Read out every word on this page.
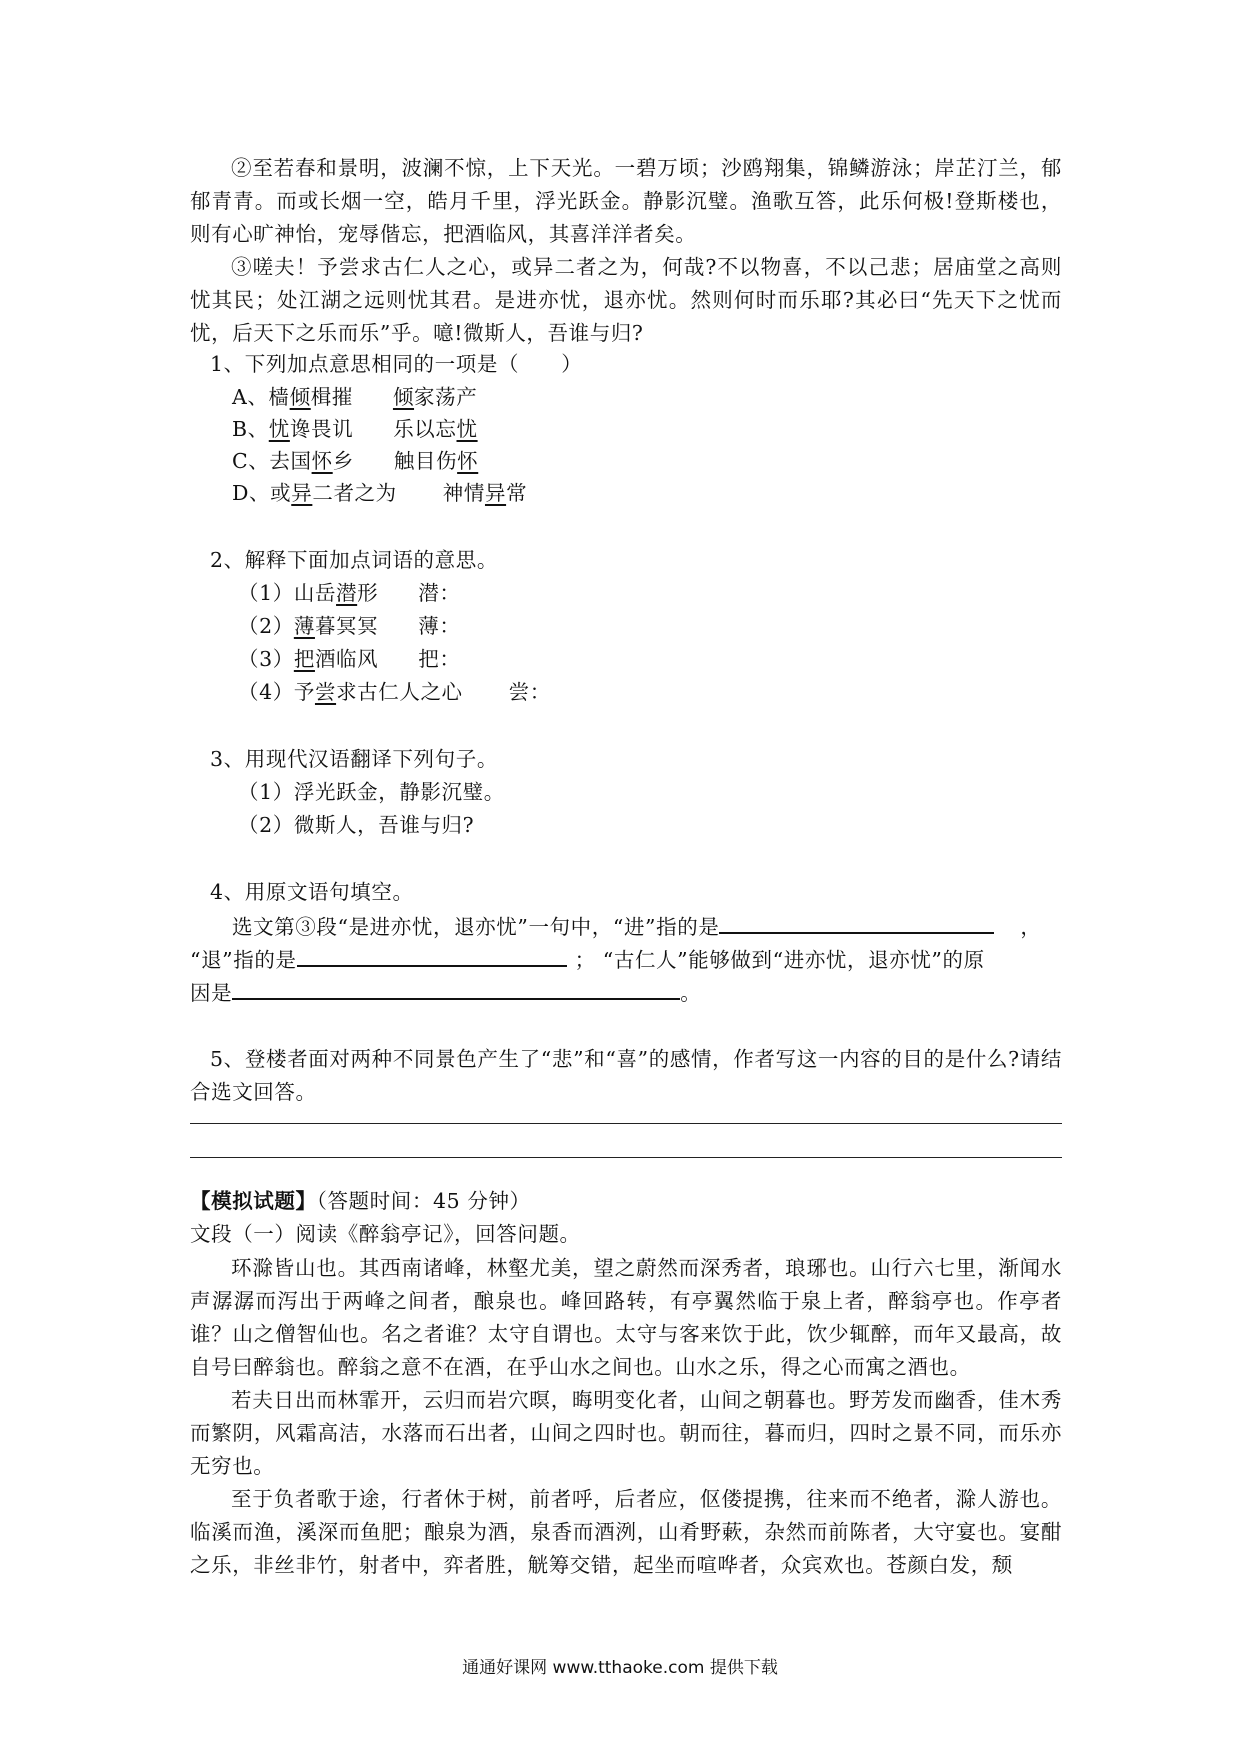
②至若春和景明，波澜不惊，上下天光。一碧万顷；沙鸥翔集，锦鳞游泳；岸芷汀兰，郁郁青青。而或长烟一空，皓月千里，浮光跃金。静影沉璧。渔歌互答，此乐何极!登斯楼也，则有心旷神怡，宠辱偕忘，把酒临风，其喜洋洋者矣。

③嗟夫！予尝求古仁人之心，或异二者之为，何哉?不以物喜，不以己悲；居庙堂之高则忧其民；处江湖之远则忧其君。是进亦忧，退亦忧。然则何时而乐耶?其必曰“先天下之忧而忧，后天下之乐而乐”乎。噫!微斯人，吾谁与归?

1、下列加点意思相同的一项是（　　）
A、樯倾楫摧 倾家荡产
B、忧谗畏讥 乐以忘忧
C、去国怀乡 触目伤怀
D、或异二者之为 神情异常
2、解释下面加点词语的意思。
（1）山岳潜形 潜：
（2）薄暮冥冥 薄：
（3）把酒临风 把：
（4）予尝求古仁人之心 尝：
3、用现代汉语翻译下列句子。
（1）浮光跃金，静影沉璧。
（2）微斯人，吾谁与归?
4、用原文语句填空。
选文第③段“是进亦忧，退亦忧”一句中，“进”指的是	，
“退”指的是	； “古仁人”能够做到“进亦忧，退亦忧”的原
因是	。

5、登楼者面对两种不同景色产生了“悲”和“喜”的感情，作者写这一内容的目的是什么?请结合选文回答。

【模拟试题】（答题时间：45 分钟）
文段（一）阅读《醉翁亭记》，回答问题。

环滁皆山也。其西南诸峰，林壑尤美，望之蔚然而深秀者，琅琊也。山行六七里，渐闻水声潺潺而泻出于两峰之间者，酿泉也。峰回路转，有亭翼然临于泉上者，醉翁亭也。作亭者谁？山之僧智仙也。名之者谁？太守自谓也。太守与客来饮于此，饮少辄醉，而年又最高，故自号曰醉翁也。醉翁之意不在酒，在乎山水之间也。山水之乐，得之心而寓之酒也。

若夫日出而林霏开，云归而岩穴暝，晦明变化者，山间之朝暮也。野芳发而幽香，佳木秀而繁阴，风霜高洁，水落而石出者，山间之四时也。朝而往，暮而归，四时之景不同，而乐亦无穷也。

至于负者歌于途，行者休于树，前者呼，后者应，伛偻提携，往来而不绝者，滁人游也。临溪而渔，溪深而鱼肥；酿泉为酒，泉香而酒洌，山肴野蔌，杂然而前陈者，大守宴也。宴酣之乐，非丝非竹，射者中，弈者胜，觥筹交错，起坐而喧哗者，众宾欢也。苍颜白发，颓

通通好课网 www.tthaoke.com 提供下载
